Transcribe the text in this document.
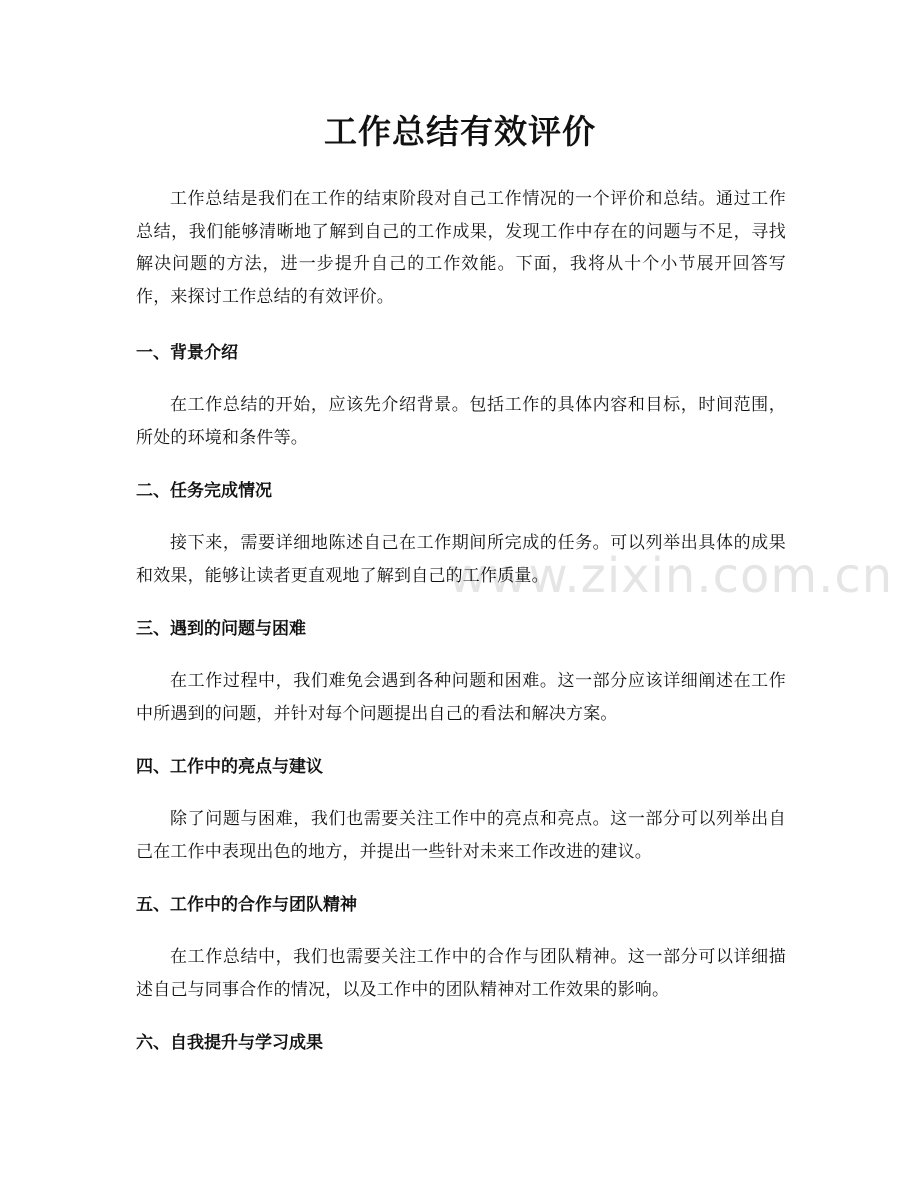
工作总结有效评价

工作总结是我们在工作的结束阶段对自己工作情况的一个评价和总结。通过工作总结，我们能够清晰地了解到自己的工作成果，发现工作中存在的问题与不足，寻找解决问题的方法，进一步提升自己的工作效能。下面，我将从十个小节展开回答写作，来探讨工作总结的有效评价。

一、背景介绍

在工作总结的开始，应该先介绍背景。包括工作的具体内容和目标，时间范围，所处的环境和条件等。

二、任务完成情况

接下来，需要详细地陈述自己在工作期间所完成的任务。可以列举出具体的成果和效果，能够让读者更直观地了解到自己的工作质量。

三、遇到的问题与困难

在工作过程中，我们难免会遇到各种问题和困难。这一部分应该详细阐述在工作中所遇到的问题，并针对每个问题提出自己的看法和解决方案。

四、工作中的亮点与建议

除了问题与困难，我们也需要关注工作中的亮点和亮点。这一部分可以列举出自己在工作中表现出色的地方，并提出一些针对未来工作改进的建议。

五、工作中的合作与团队精神

在工作总结中，我们也需要关注工作中的合作与团队精神。这一部分可以详细描述自己与同事合作的情况，以及工作中的团队精神对工作效果的影响。

六、自我提升与学习成果

www.zixin.com.cn
